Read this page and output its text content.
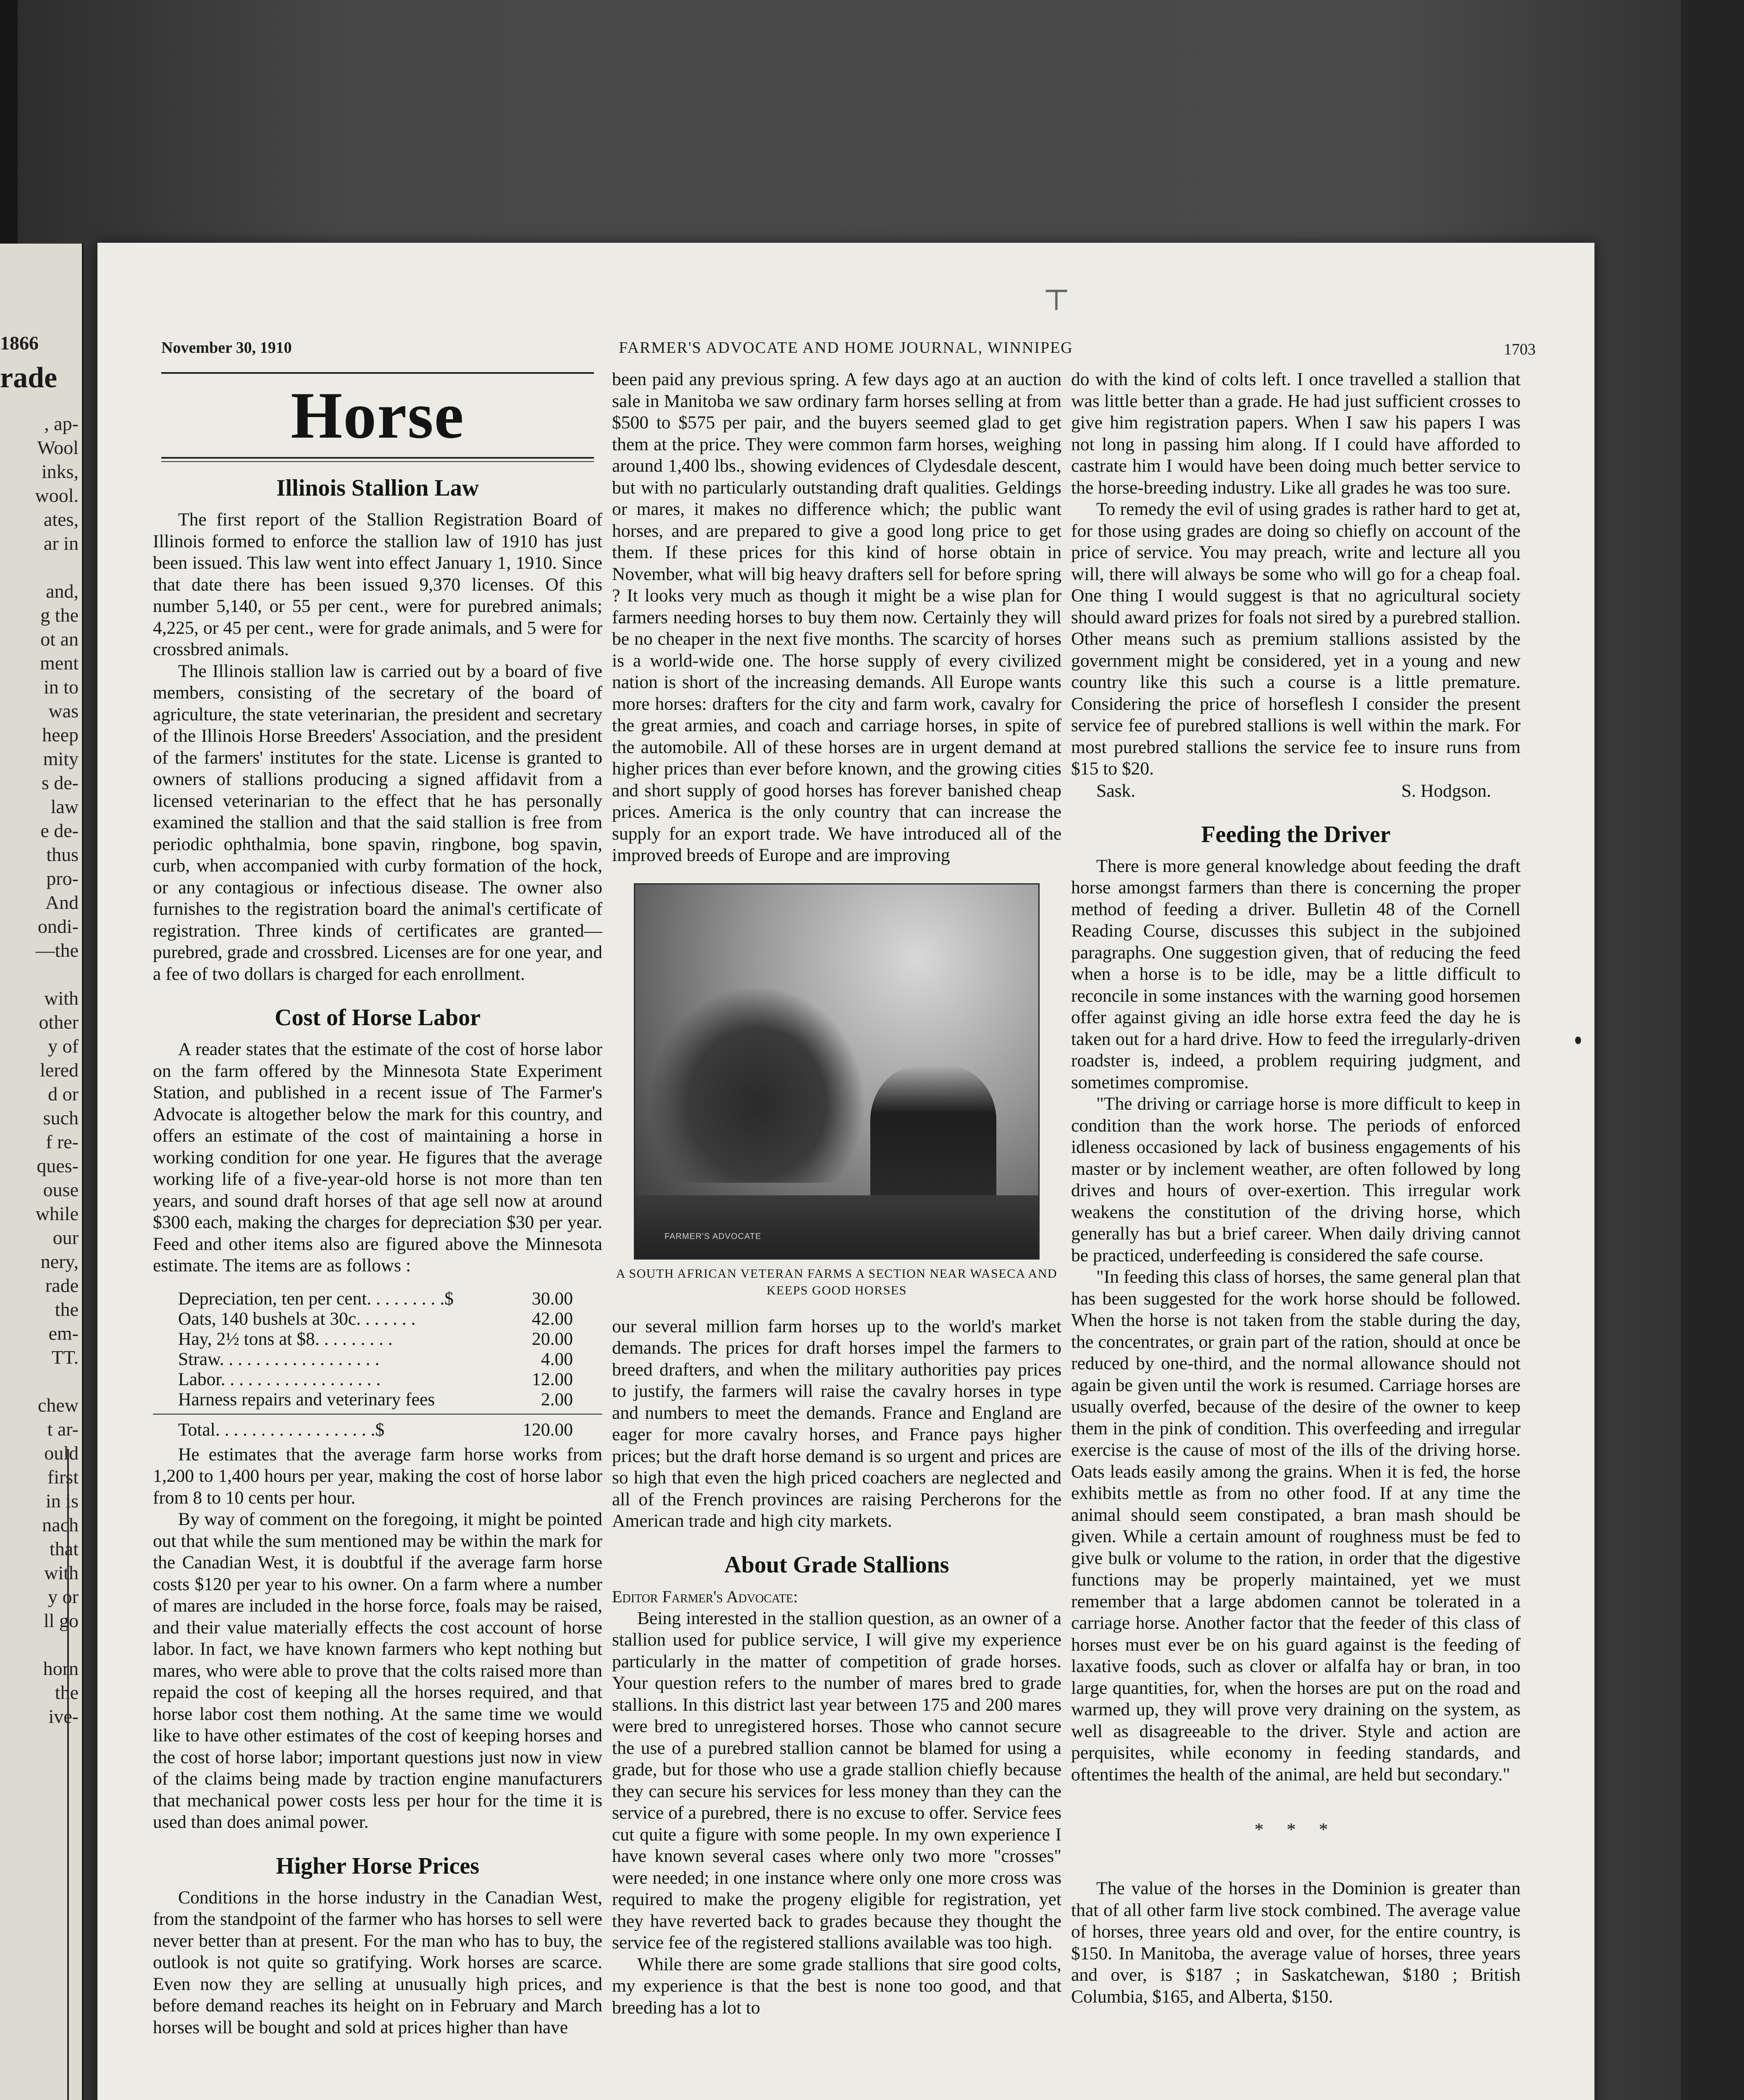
1866
rade
, ap-
Wool
inks,
wool.
ates,
ar in

and,
g the
ot an
ment
in to
was
heep
mity
s de-
law
e de-
thus
pro-
And
ondi-
—the

with
other
y of
lered
d or
such
f re-
ques-
ouse
while
our
nery,
rade
the
em-
TT.

chew
t ar-
ould
first
in is
nach
that
with
y or
ll go

horn
the
ive-
⊤
November 30, 1910	FARMER'S ADVOCATE AND HOME JOURNAL, WINNIPEG	1703
Horse
Illinois Stallion Law

The first report of the Stallion Registration Board of Illinois formed to enforce the stallion law of 1910 has just been issued. This law went into effect January 1, 1910. Since that date there has been issued 9,370 licenses. Of this number 5,140, or 55 per cent., were for purebred animals; 4,225, or 45 per cent., were for grade animals, and 5 were for crossbred animals.

The Illinois stallion law is carried out by a board of five members, consisting of the secretary of the board of agriculture, the state veterinarian, the president and secretary of the Illinois Horse Breeders' Association, and the president of the farmers' institutes for the state. License is granted to owners of stallions producing a signed affidavit from a licensed veterinarian to the effect that he has personally examined the stallion and that the said stallion is free from periodic ophthalmia, bone spavin, ringbone, bog spavin, curb, when accompanied with curby formation of the hock, or any contagious or infectious disease. The owner also furnishes to the registration board the animal's certificate of registration. Three kinds of certificates are granted—purebred, grade and crossbred. Licenses are for one year, and a fee of two dollars is charged for each enrollment.

Cost of Horse Labor

A reader states that the estimate of the cost of horse labor on the farm offered by the Minnesota State Experiment Station, and published in a recent issue of The Farmer's Advocate is altogether below the mark for this country, and offers an estimate of the cost of maintaining a horse in working condition for one year. He figures that the average working life of a five-year-old horse is not more than ten years, and sound draft horses of that age sell now at around $300 each, making the charges for depreciation $30 per year. Feed and other items also are figured above the Minnesota estimate. The items are as follows :

Depreciation, ten per cent. . . . . . . . .$	30.00
Oats, 140 bushels at 30c. . . . . . .	42.00
Hay, 2½ tons at $8. . . . . . . . .	20.00
Straw. . . . . . . . . . . . . . . . . .	4.00
Labor. . . . . . . . . . . . . . . . . .	12.00
Harness repairs and veterinary fees	2.00
Total. . . . . . . . . . . . . . . . . .$	120.00

He estimates that the average farm horse works from 1,200 to 1,400 hours per year, making the cost of horse labor from 8 to 10 cents per hour.

By way of comment on the foregoing, it might be pointed out that while the sum mentioned may be within the mark for the Canadian West, it is doubtful if the average farm horse costs $120 per year to his owner. On a farm where a number of mares are included in the horse force, foals may be raised, and their value materially effects the cost account of horse labor. In fact, we have known farmers who kept nothing but mares, who were able to prove that the colts raised more than repaid the cost of keeping all the horses required, and that horse labor cost them nothing. At the same time we would like to have other estimates of the cost of keeping horses and the cost of horse labor; important questions just now in view of the claims being made by traction engine manufacturers that mechanical power costs less per hour for the time it is used than does animal power.

Higher Horse Prices

Conditions in the horse industry in the Canadian West, from the standpoint of the farmer who has horses to sell were never better than at present. For the man who has to buy, the outlook is not quite so gratifying. Work horses are scarce. Even now they are selling at unusually high prices, and before demand reaches its height on in February and March horses will be bought and sold at prices higher than have

been paid any previous spring. A few days ago at an auction sale in Manitoba we saw ordinary farm horses selling at from $500 to $575 per pair, and the buyers seemed glad to get them at the price. They were common farm horses, weighing around 1,400 lbs., showing evidences of Clydesdale descent, but with no particularly outstanding draft qualities. Geldings or mares, it makes no difference which; the public want horses, and are prepared to give a good long price to get them. If these prices for this kind of horse obtain in November, what will big heavy drafters sell for before spring ? It looks very much as though it might be a wise plan for farmers needing horses to buy them now. Certainly they will be no cheaper in the next five months. The scarcity of horses is a world-wide one. The horse supply of every civilized nation is short of the increasing demands. All Europe wants more horses: drafters for the city and farm work, cavalry for the great armies, and coach and carriage horses, in spite of the automobile. All of these horses are in urgent demand at higher prices than ever before known, and the growing cities and short supply of good horses has forever banished cheap prices. America is the only country that can increase the supply for an export trade. We have introduced all of the improved breeds of Europe and are improving

FARMER'S ADVOCATE
A SOUTH AFRICAN VETERAN FARMS A SECTION NEAR WASECA AND KEEPS GOOD HORSES

our several million farm horses up to the world's market demands. The prices for draft horses impel the farmers to breed drafters, and when the military authorities pay prices to justify, the farmers will raise the cavalry horses in type and numbers to meet the demands. France and England are eager for more cavalry horses, and France pays higher prices; but the draft horse demand is so urgent and prices are so high that even the high priced coachers are neglected and all of the French provinces are raising Percherons for the American trade and high city markets.

About Grade Stallions
Editor Farmer's Advocate:

Being interested in the stallion question, as an owner of a stallion used for publice service, I will give my experience particularly in the matter of competition of grade horses. Your question refers to the number of mares bred to grade stallions. In this district last year between 175 and 200 mares were bred to unregistered horses. Those who cannot secure the use of a purebred stallion cannot be blamed for using a grade, but for those who use a grade stallion chiefly because they can secure his services for less money than they can the service of a purebred, there is no excuse to offer. Service fees cut quite a figure with some people. In my own experience I have known several cases where only two more "crosses" were needed; in one instance where only one more cross was required to make the progeny eligible for registration, yet they have reverted back to grades because they thought the service fee of the registered stallions available was too high.

While there are some grade stallions that sire good colts, my experience is that the best is none too good, and that breeding has a lot to

do with the kind of colts left. I once travelled a stallion that was little better than a grade. He had just sufficient crosses to give him registration papers. When I saw his papers I was not long in passing him along. If I could have afforded to castrate him I would have been doing much better service to the horse-breeding industry. Like all grades he was too sure.

To remedy the evil of using grades is rather hard to get at, for those using grades are doing so chiefly on account of the price of service. You may preach, write and lecture all you will, there will always be some who will go for a cheap foal. One thing I would suggest is that no agricultural society should award prizes for foals not sired by a purebred stallion. Other means such as premium stallions assisted by the government might be considered, yet in a young and new country like this such a course is a little premature. Considering the price of horseflesh I consider the present service fee of purebred stallions is well within the mark. For most purebred stallions the service fee to insure runs from $15 to $20.

Sask.	S. Hodgson.
Feeding the Driver

There is more general knowledge about feeding the draft horse amongst farmers than there is concerning the proper method of feeding a driver. Bulletin 48 of the Cornell Reading Course, discusses this subject in the subjoined paragraphs. One suggestion given, that of reducing the feed when a horse is to be idle, may be a little difficult to reconcile in some instances with the warning good horsemen offer against giving an idle horse extra feed the day he is taken out for a hard drive. How to feed the irregularly-driven roadster is, indeed, a problem requiring judgment, and sometimes compromise.

"The driving or carriage horse is more difficult to keep in condition than the work horse. The periods of enforced idleness occasioned by lack of business engagements of his master or by inclement weather, are often followed by long drives and hours of over-exertion. This irregular work weakens the constitution of the driving horse, which generally has but a brief career. When daily driving cannot be practiced, underfeeding is considered the safe course.

"In feeding this class of horses, the same general plan that has been suggested for the work horse should be followed. When the horse is not taken from the stable during the day, the concentrates, or grain part of the ration, should at once be reduced by one-third, and the normal allowance should not again be given until the work is resumed. Carriage horses are usually overfed, because of the desire of the owner to keep them in the pink of condition. This overfeeding and irregular exercise is the cause of most of the ills of the driving horse. Oats leads easily among the grains. When it is fed, the horse exhibits mettle as from no other food. If at any time the animal should seem constipated, a bran mash should be given. While a certain amount of roughness must be fed to give bulk or volume to the ration, in order that the digestive functions may be properly maintained, yet we must remember that a large abdomen cannot be tolerated in a carriage horse. Another factor that the feeder of this class of horses must ever be on his guard against is the feeding of laxative foods, such as clover or alfalfa hay or bran, in too large quantities, for, when the horses are put on the road and warmed up, they will prove very draining on the system, as well as disagreeable to the driver. Style and action are perquisites, while economy in feeding standards, and oftentimes the health of the animal, are held but secondary."

* * *

The value of the horses in the Dominion is greater than that of all other farm live stock combined. The average value of horses, three years old and over, for the entire country, is $150. In Manitoba, the average value of horses, three years and over, is $187 ; in Saskatchewan, $180 ; British Columbia, $165, and Alberta, $150.
